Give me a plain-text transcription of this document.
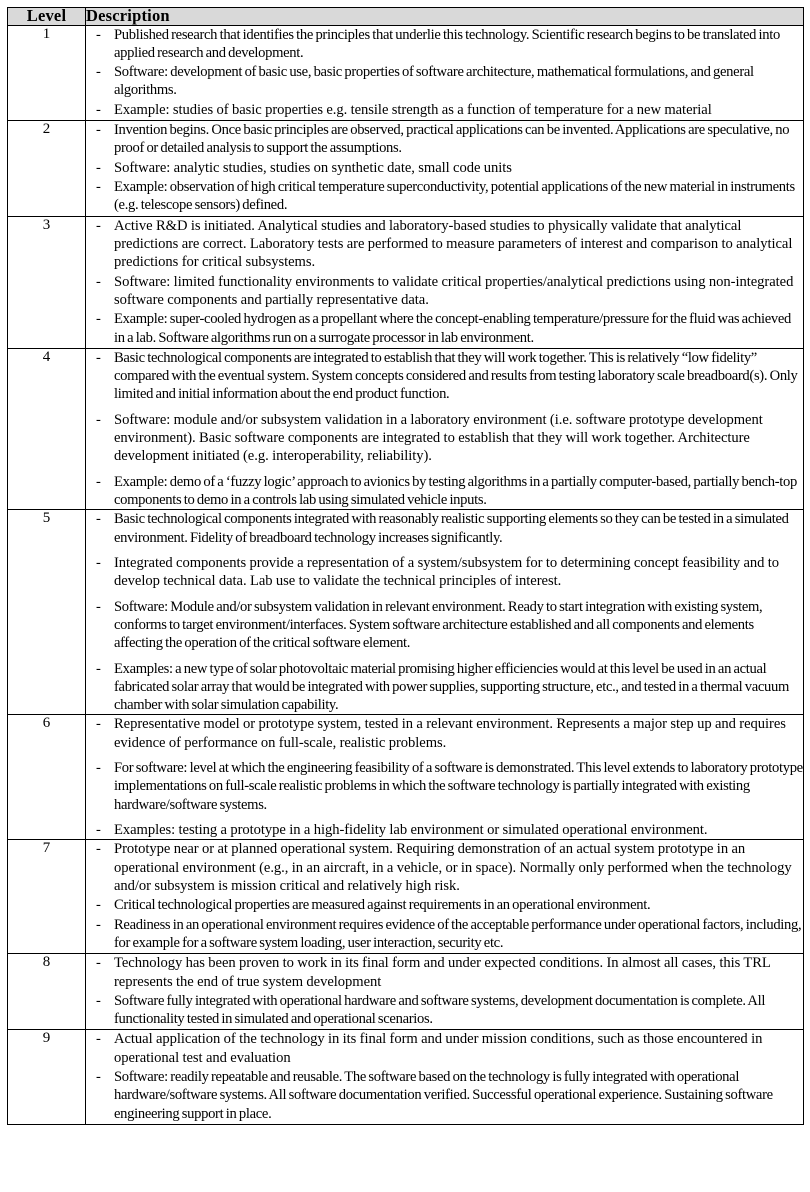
Level	Description
1	- Published research that identifies the principles that underlie this technology. Scientific research begins to be translated into applied research and development.
- Software: development of basic use, basic properties of software architecture, mathematical formulations, and general algorithms.
- Example: studies of basic properties e.g. tensile strength as a function of temperature for a new material

2	- Invention begins. Once basic principles are observed, practical applications can be invented. Applications are speculative, no proof or detailed analysis to support the assumptions.
- Software: analytic studies, studies on synthetic date, small code units
- Example: observation of high critical temperature superconductivity, potential applications of the new material in instruments (e.g. telescope sensors) defined.

3	- Active R&D is initiated. Analytical studies and laboratory-based studies to physically validate that analytical predictions are correct. Laboratory tests are performed to measure parameters of interest and comparison to analytical predictions for critical subsystems.
- Software: limited functionality environments to validate critical properties/analytical predictions using non-integrated software components and partially representative data.
- Example: super-cooled hydrogen as a propellant where the concept-enabling temperature/pressure for the fluid was achieved in a lab. Software algorithms run on a surrogate processor in lab environment.

4	- Basic technological components are integrated to establish that they will work together. This is relatively “low fidelity” compared with the eventual system. System concepts considered and results from testing laboratory scale breadboard(s). Only limited and initial information about the end product function.
- Software: module and/or subsystem validation in a laboratory environment (i.e. software prototype development environment). Basic software components are integrated to establish that they will work together. Architecture development initiated (e.g. interoperability, reliability).
- Example: demo of a ‘fuzzy logic’ approach to avionics by testing algorithms in a partially computer-based, partially bench-top components to demo in a controls lab using simulated vehicle inputs.

5	- Basic technological components integrated with reasonably realistic supporting elements so they can be tested in a simulated environment. Fidelity of breadboard technology increases significantly.
- Integrated components provide a representation of a system/subsystem for to determining concept feasibility and to develop technical data. Lab use to validate the technical principles of interest.
- Software: Module and/or subsystem validation in relevant environment. Ready to start integration with existing system, conforms to target environment/interfaces. System software architecture established and all components and elements affecting the operation of the critical software element.
- Examples: a new type of solar photovoltaic material promising higher efficiencies would at this level be used in an actual fabricated solar array that would be integrated with power supplies, supporting structure, etc., and tested in a thermal vacuum chamber with solar simulation capability.

6	- Representative model or prototype system, tested in a relevant environment. Represents a major step up and requires evidence of performance on full-scale, realistic problems.
- For software: level at which the engineering feasibility of a software is demonstrated. This level extends to laboratory prototype implementations on full-scale realistic problems in which the software technology is partially integrated with existing hardware/software systems.
- Examples: testing a prototype in a high-fidelity lab environment or simulated operational environment.

7	- Prototype near or at planned operational system. Requiring demonstration of an actual system prototype in an operational environment (e.g., in an aircraft, in a vehicle, or in space). Normally only performed when the technology and/or subsystem is mission critical and relatively high risk.
- Critical technological properties are measured against requirements in an operational environment.
- Readiness in an operational environment requires evidence of the acceptable performance under operational factors, including, for example for a software system loading, user interaction, security etc.

8	- Technology has been proven to work in its final form and under expected conditions. In almost all cases, this TRL represents the end of true system development
- Software fully integrated with operational hardware and software systems, development documentation is complete. All functionality tested in simulated and operational scenarios.

9	- Actual application of the technology in its final form and under mission conditions, such as those encountered in operational test and evaluation
- Software: readily repeatable and reusable. The software based on the technology is fully integrated with operational hardware/software systems. All software documentation verified. Successful operational experience. Sustaining software engineering support in place.
